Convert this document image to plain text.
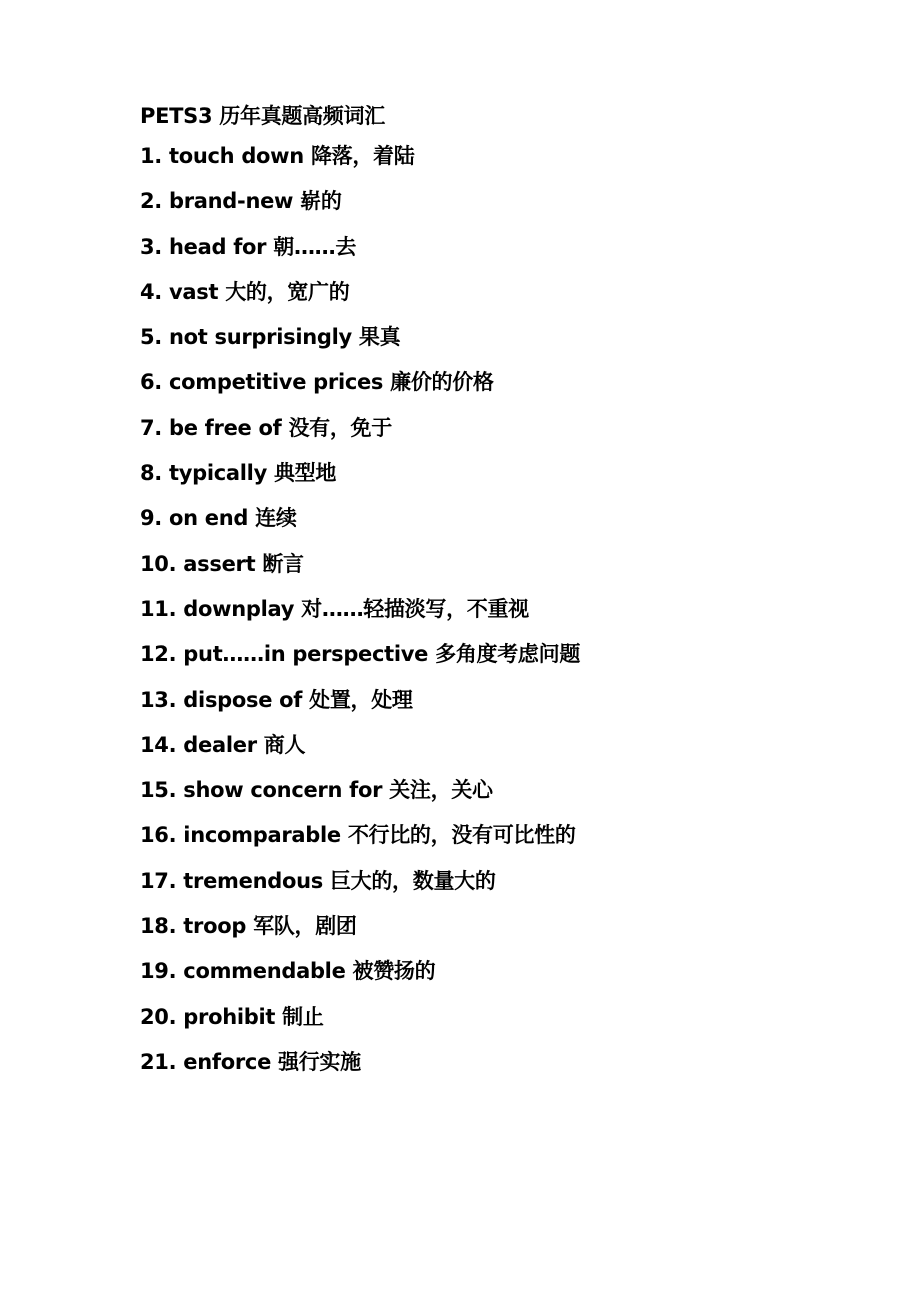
PETS3 历年真题高频词汇
1. touch down 降落，着陆
2. brand-new 崭的
3. head for 朝……去
4. vast 大的，宽广的
5. not surprisingly 果真
6. competitive prices 廉价的价格
7. be free of 没有，免于
8. typically 典型地
9. on end 连续
10. assert 断言
11. downplay 对……轻描淡写，不重视
12. put……in perspective 多角度考虑问题
13. dispose of 处置，处理
14. dealer 商人
15. show concern for 关注，关心
16. incomparable 不行比的，没有可比性的
17. tremendous 巨大的，数量大的
18. troop 军队，剧团
19. commendable 被赞扬的
20. prohibit 制止
21. enforce 强行实施
